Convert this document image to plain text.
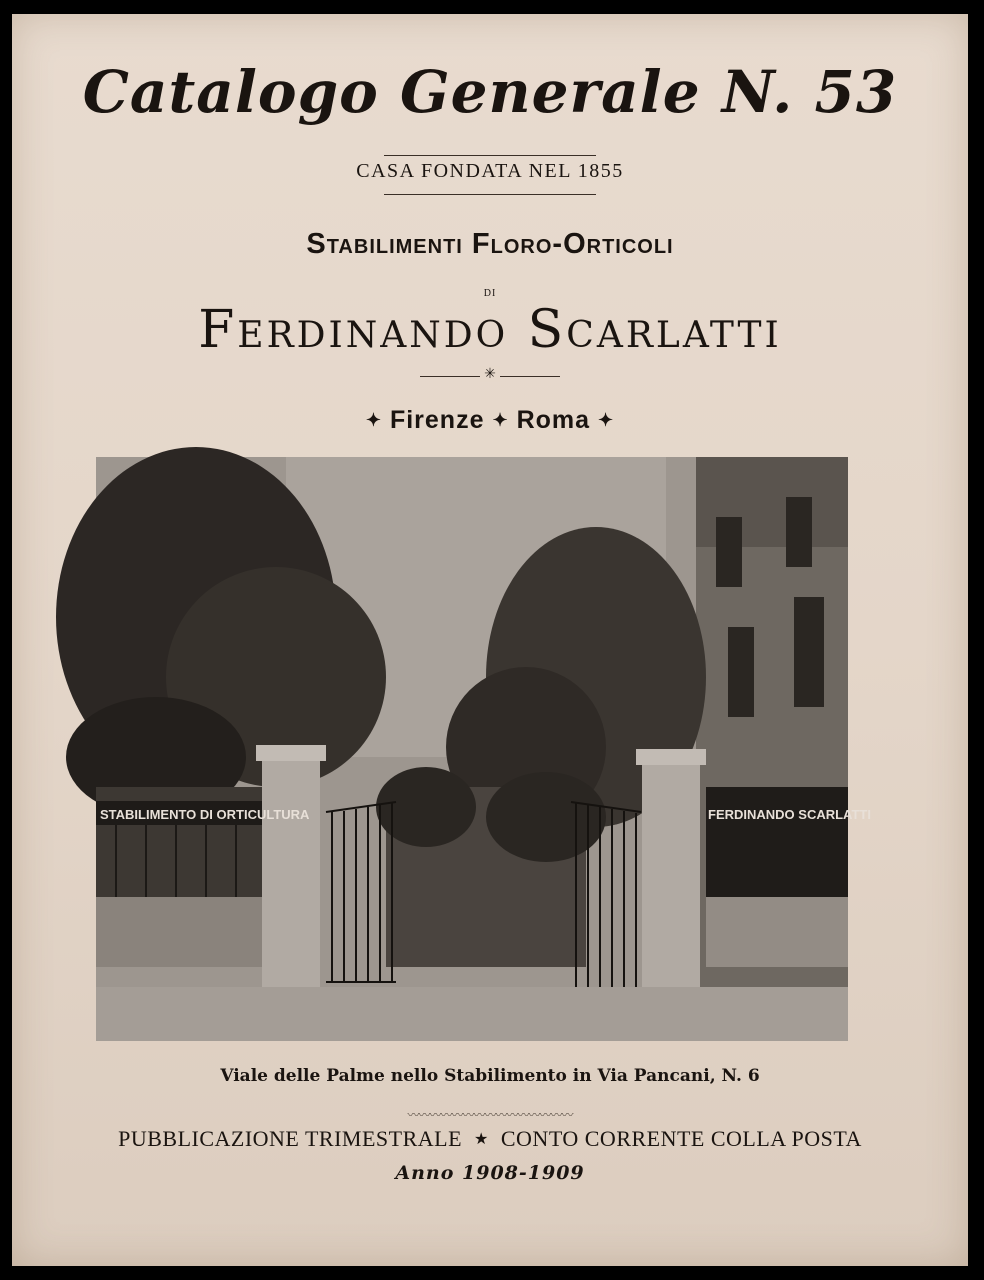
Catalogo Generale N. 53
CASA FONDATA NEL 1855
Stabilimenti Floro-Orticoli
DI
Ferdinando Scarlatti
✳
✦ Firenze ✦ Roma ✦
STABILIMENTO DI ORTICULTURA	FERDINANDO SCARLATTI
Viale delle Palme nello Stabilimento in Via Pancani, N. 6
〰〰〰〰〰〰〰〰〰〰〰〰〰〰〰
PUBBLICAZIONE TRIMESTRALE ★ CONTO CORRENTE COLLA POSTA
Anno 1908-1909
